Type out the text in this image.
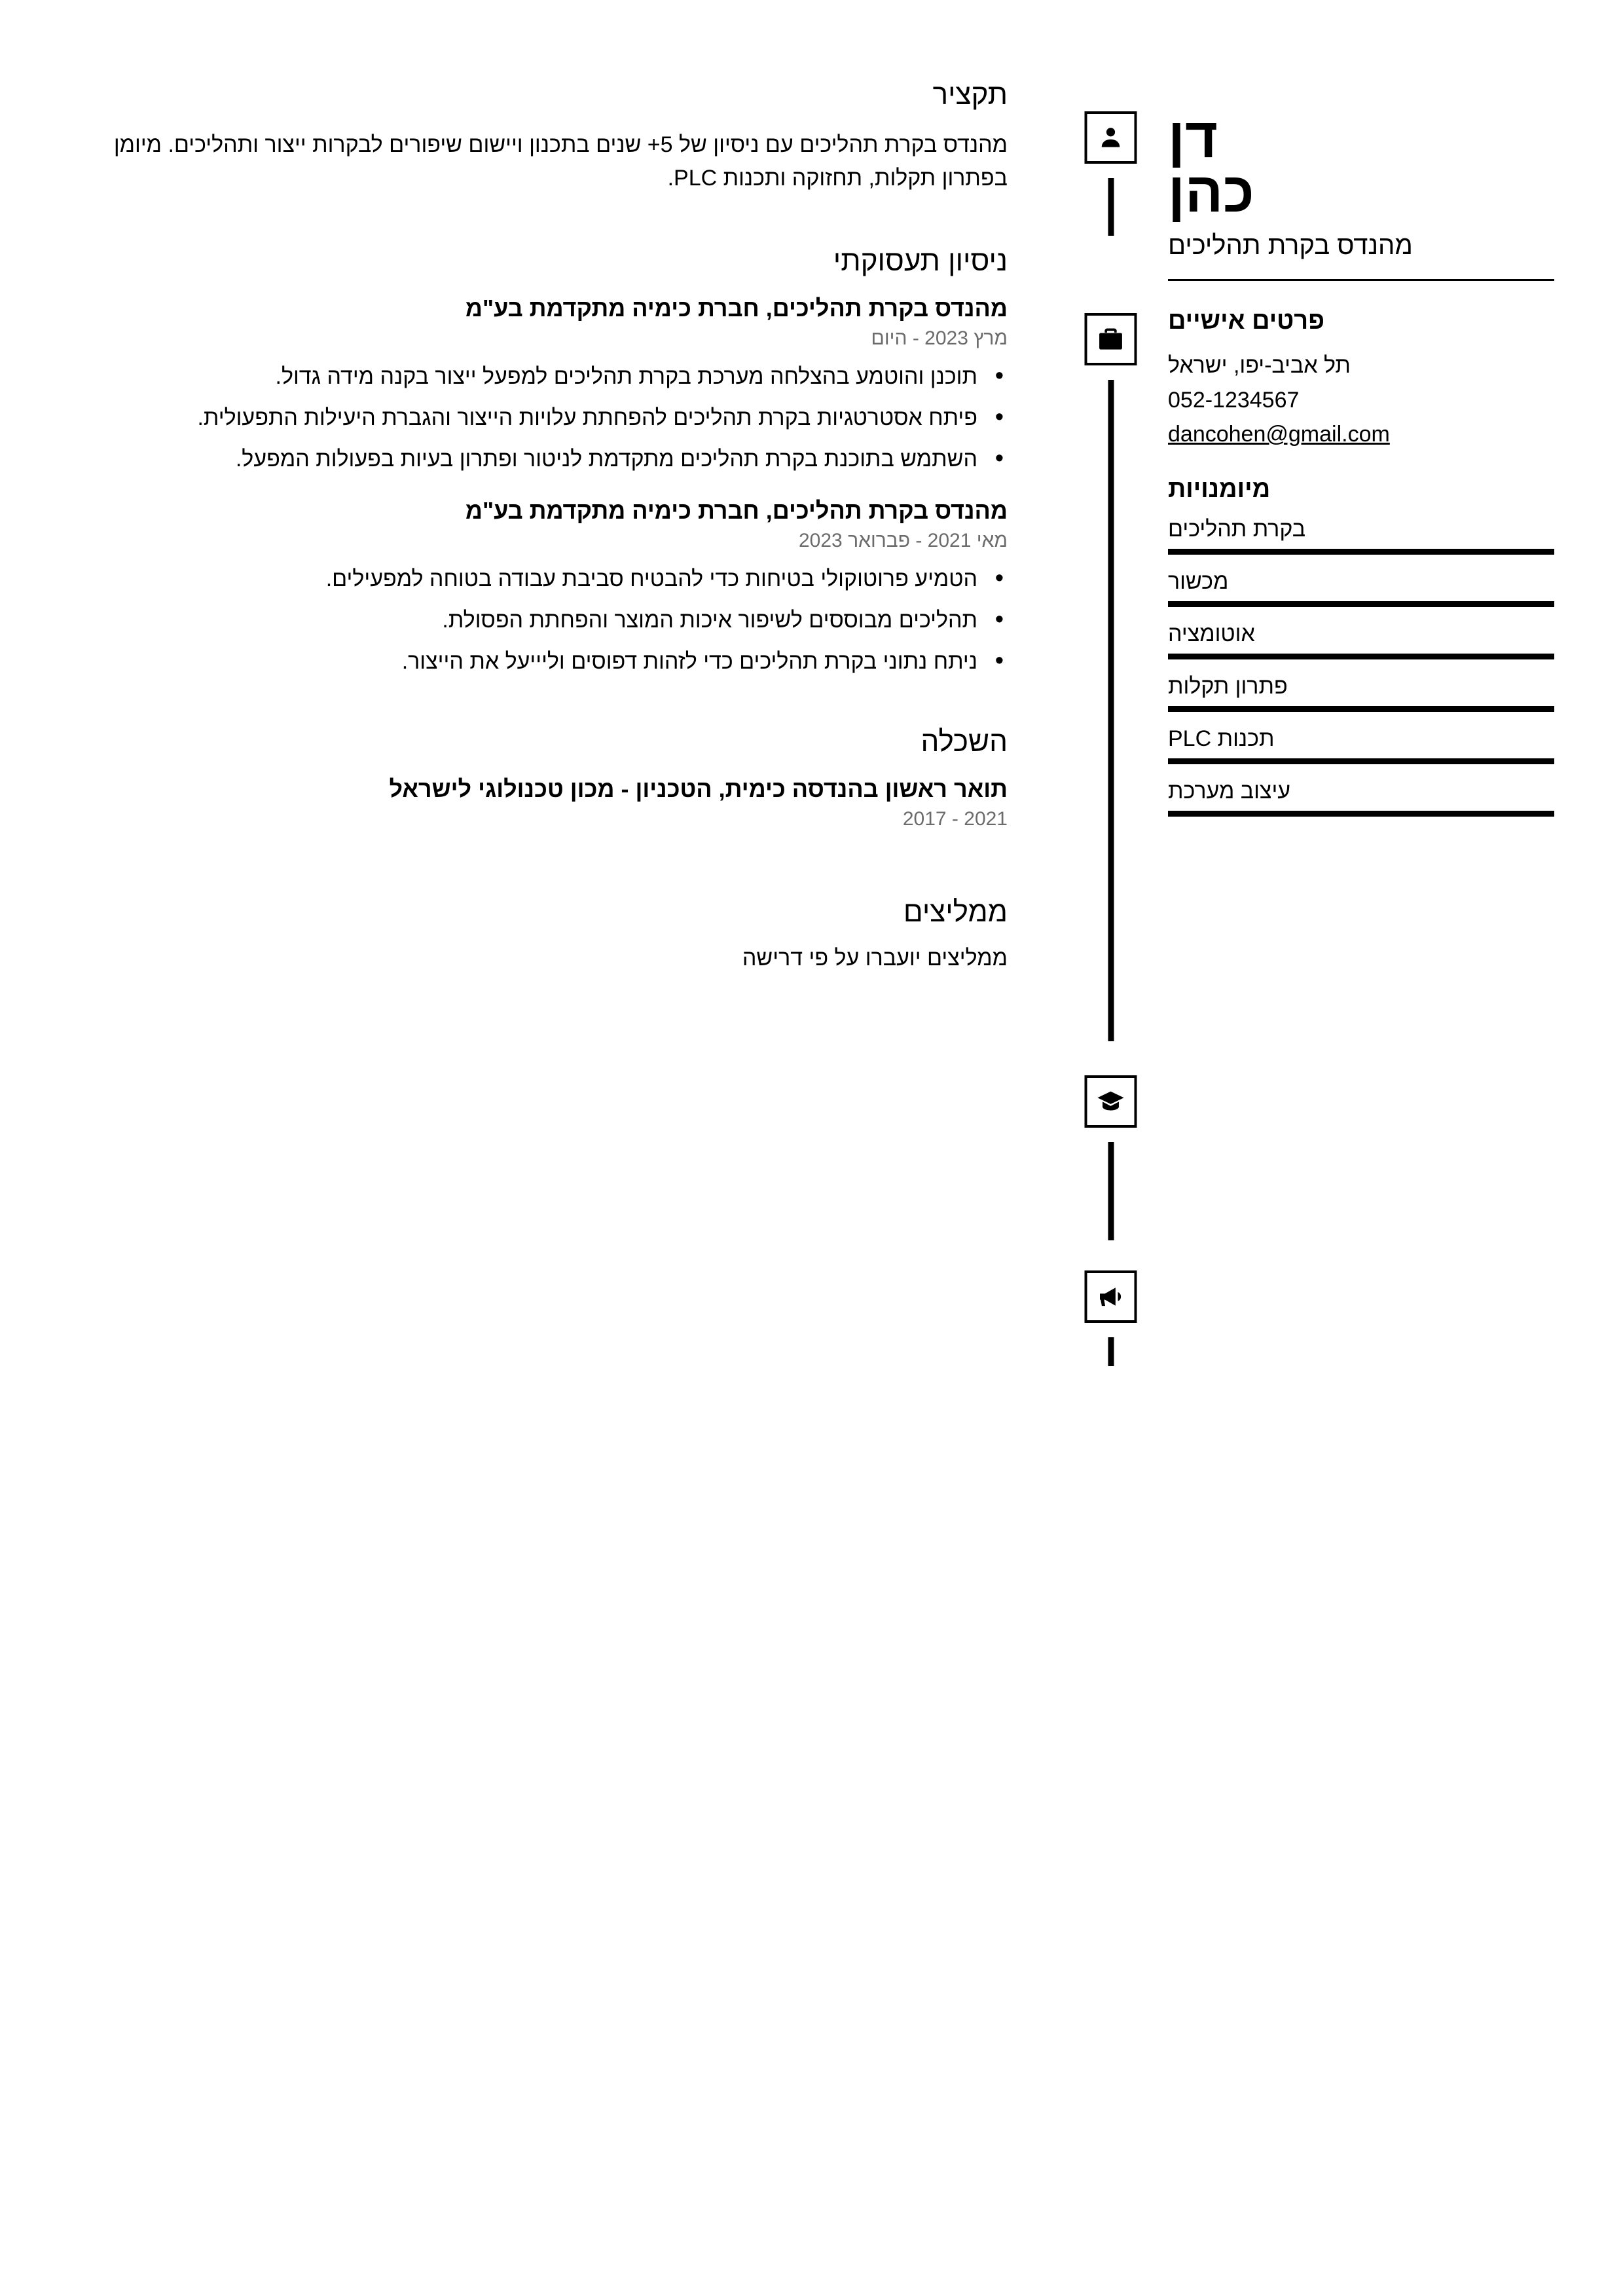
דן
כהן
מהנדס בקרת תהליכים
פרטים אישיים

תל אביב-יפו, ישראל

052-1234567

dancohen@gmail.com

מיומנויות
בקרת תהליכים
מכשור
אוטומציה
פתרון תקלות
תכנות PLC
עיצוב מערכת
תקציר

מהנדס בקרת תהליכים עם ניסיון של 5+ שנים בתכנון ויישום שיפורים לבקרות ייצור ותהליכים. מיומן בפתרון תקלות, תחזוקה ותכנות PLC.

ניסיון תעסוקתי

מהנדס בקרת תהליכים, חברת כימיה מתקדמת בע"מ

מרץ 2023 - היום

• תוכנן והוטמע בהצלחה מערכת בקרת תהליכים למפעל ייצור בקנה מידה גדול.
• פיתח אסטרטגיות בקרת תהליכים להפחתת עלויות הייצור והגברת היעילות התפעולית.
• השתמש בתוכנת בקרת תהליכים מתקדמת לניטור ופתרון בעיות בפעולות המפעל.

מהנדס בקרת תהליכים, חברת כימיה מתקדמת בע"מ

מאי 2021 - פברואר 2023

• הטמיע פרוטוקולי בטיחות כדי להבטיח סביבת עבודה בטוחה למפעילים.
• תהליכים מבוססים לשיפור איכות המוצר והפחתת הפסולת.
• ניתח נתוני בקרת תהליכים כדי לזהות דפוסים וליייעל את הייצור.
השכלה

תואר ראשון בהנדסה כימית, הטכניון - מכון טכנולוגי לישראל

2017 - 2021

ממליצים

ממליצים יועברו על פי דרישה
